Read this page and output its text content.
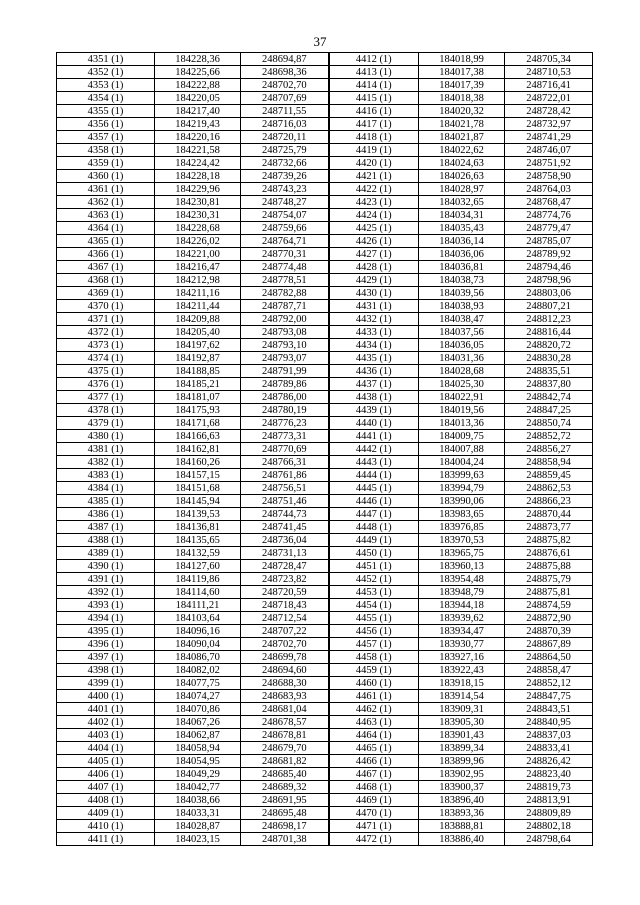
37
4351 (1)	184228,36	248694,87	4412 (1)	184018,99	248705,34
4352 (1)	184225,66	248698,36	4413 (1)	184017,38	248710,53
4353 (1)	184222,88	248702,70	4414 (1)	184017,39	248716,41
4354 (1)	184220,05	248707,69	4415 (1)	184018,38	248722,01
4355 (1)	184217,40	248711,55	4416 (1)	184020,32	248728,42
4356 (1)	184219,43	248716,03	4417 (1)	184021,78	248732,97
4357 (1)	184220,16	248720,11	4418 (1)	184021,87	248741,29
4358 (1)	184221,58	248725,79	4419 (1)	184022,62	248746,07
4359 (1)	184224,42	248732,66	4420 (1)	184024,63	248751,92
4360 (1)	184228,18	248739,26	4421 (1)	184026,63	248758,90
4361 (1)	184229,96	248743,23	4422 (1)	184028,97	248764,03
4362 (1)	184230,81	248748,27	4423 (1)	184032,65	248768,47
4363 (1)	184230,31	248754,07	4424 (1)	184034,31	248774,76
4364 (1)	184228,68	248759,66	4425 (1)	184035,43	248779,47
4365 (1)	184226,02	248764,71	4426 (1)	184036,14	248785,07
4366 (1)	184221,00	248770,31	4427 (1)	184036,06	248789,92
4367 (1)	184216,47	248774,48	4428 (1)	184036,81	248794,46
4368 (1)	184212,98	248778,51	4429 (1)	184038,73	248798,96
4369 (1)	184211,16	248782,88	4430 (1)	184039,56	248803,06
4370 (1)	184211,44	248787,71	4431 (1)	184038,93	248807,21
4371 (1)	184209,88	248792,00	4432 (1)	184038,47	248812,23
4372 (1)	184205,40	248793,08	4433 (1)	184037,56	248816,44
4373 (1)	184197,62	248793,10	4434 (1)	184036,05	248820,72
4374 (1)	184192,87	248793,07	4435 (1)	184031,36	248830,28
4375 (1)	184188,85	248791,99	4436 (1)	184028,68	248835,51
4376 (1)	184185,21	248789,86	4437 (1)	184025,30	248837,80
4377 (1)	184181,07	248786,00	4438 (1)	184022,91	248842,74
4378 (1)	184175,93	248780,19	4439 (1)	184019,56	248847,25
4379 (1)	184171,68	248776,23	4440 (1)	184013,36	248850,74
4380 (1)	184166,63	248773,31	4441 (1)	184009,75	248852,72
4381 (1)	184162,81	248770,69	4442 (1)	184007,88	248856,27
4382 (1)	184160,26	248766,31	4443 (1)	184004,24	248858,94
4383 (1)	184157,15	248761,86	4444 (1)	183999,63	248859,45
4384 (1)	184151,68	248756,51	4445 (1)	183994,79	248862,53
4385 (1)	184145,94	248751,46	4446 (1)	183990,06	248866,23
4386 (1)	184139,53	248744,73	4447 (1)	183983,65	248870,44
4387 (1)	184136,81	248741,45	4448 (1)	183976,85	248873,77
4388 (1)	184135,65	248736,04	4449 (1)	183970,53	248875,82
4389 (1)	184132,59	248731,13	4450 (1)	183965,75	248876,61
4390 (1)	184127,60	248728,47	4451 (1)	183960,13	248875,88
4391 (1)	184119,86	248723,82	4452 (1)	183954,48	248875,79
4392 (1)	184114,60	248720,59	4453 (1)	183948,79	248875,81
4393 (1)	184111,21	248718,43	4454 (1)	183944,18	248874,59
4394 (1)	184103,64	248712,54	4455 (1)	183939,62	248872,90
4395 (1)	184096,16	248707,22	4456 (1)	183934,47	248870,39
4396 (1)	184090,04	248702,70	4457 (1)	183930,77	248867,89
4397 (1)	184086,70	248699,78	4458 (1)	183927,16	248864,50
4398 (1)	184082,02	248694,60	4459 (1)	183922,43	248858,47
4399 (1)	184077,75	248688,30	4460 (1)	183918,15	248852,12
4400 (1)	184074,27	248683,93	4461 (1)	183914,54	248847,75
4401 (1)	184070,86	248681,04	4462 (1)	183909,31	248843,51
4402 (1)	184067,26	248678,57	4463 (1)	183905,30	248840,95
4403 (1)	184062,87	248678,81	4464 (1)	183901,43	248837,03
4404 (1)	184058,94	248679,70	4465 (1)	183899,34	248833,41
4405 (1)	184054,95	248681,82	4466 (1)	183899,96	248826,42
4406 (1)	184049,29	248685,40	4467 (1)	183902,95	248823,40
4407 (1)	184042,77	248689,32	4468 (1)	183900,37	248819,73
4408 (1)	184038,66	248691,95	4469 (1)	183896,40	248813,91
4409 (1)	184033,31	248695,48	4470 (1)	183893,36	248809,89
4410 (1)	184028,87	248698,17	4471 (1)	183888,81	248802,18
4411 (1)	184023,15	248701,38	4472 (1)	183886,40	248798,64
